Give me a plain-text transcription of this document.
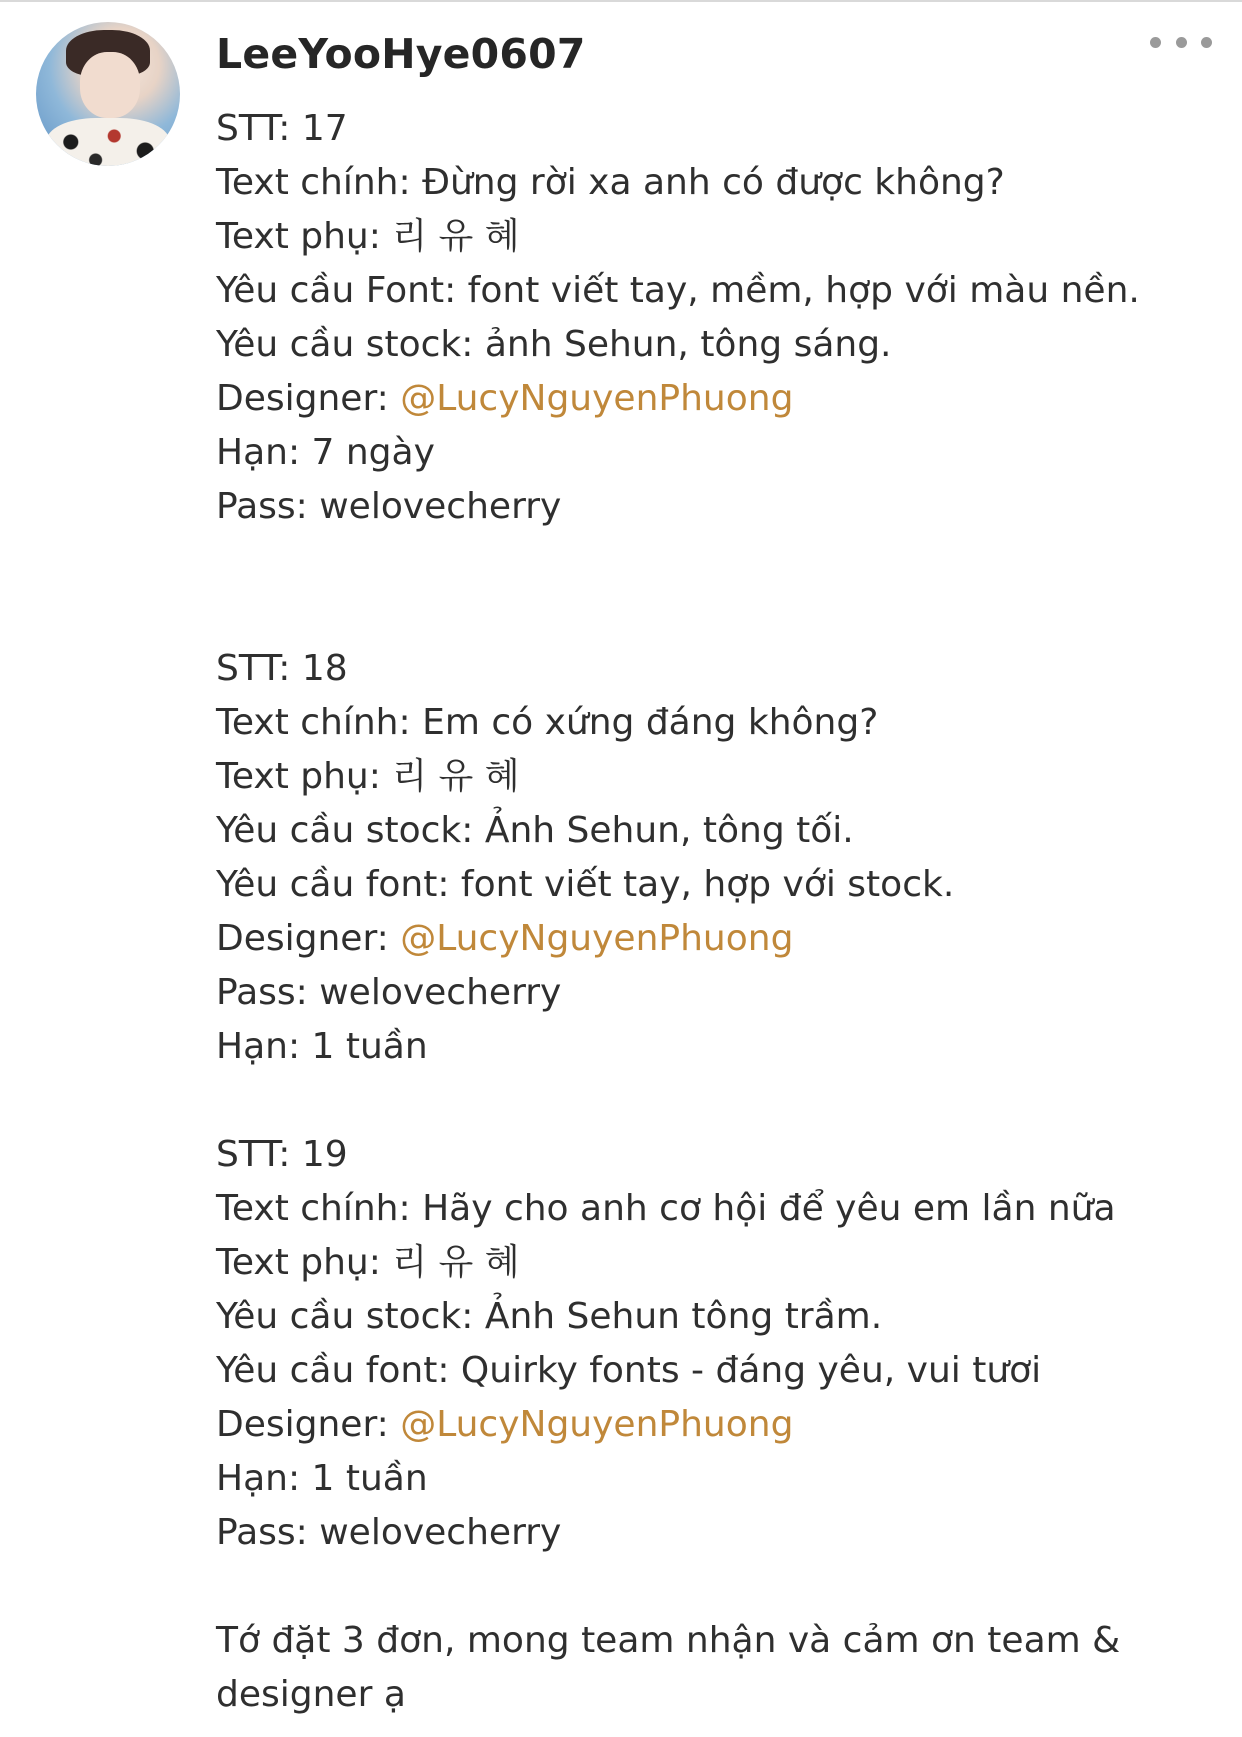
LeeYooHye0607
STT: 17
Text chính: Đừng rời xa anh có được không?
Text phụ: 리 유 혜
Yêu cầu Font: font viết tay, mềm, hợp với màu nền.
Yêu cầu stock: ảnh Sehun, tông sáng.
Designer: @LucyNguyenPhuong
Hạn: 7 ngày
Pass: welovecherry
STT: 18
Text chính: Em có xứng đáng không?
Text phụ: 리 유 혜
Yêu cầu stock: Ảnh Sehun, tông tối.
Yêu cầu font: font viết tay, hợp với stock.
Designer: @LucyNguyenPhuong
Pass: welovecherry
Hạn: 1 tuần
STT: 19
Text chính: Hãy cho anh cơ hội để yêu em lần nữa
Text phụ: 리 유 혜
Yêu cầu stock: Ảnh Sehun tông trầm.
Yêu cầu font: Quirky fonts - đáng yêu, vui tươi
Designer: @LucyNguyenPhuong
Hạn: 1 tuần
Pass: welovecherry
Tớ đặt 3 đơn, mong team nhận và cảm ơn team & designer ạ
